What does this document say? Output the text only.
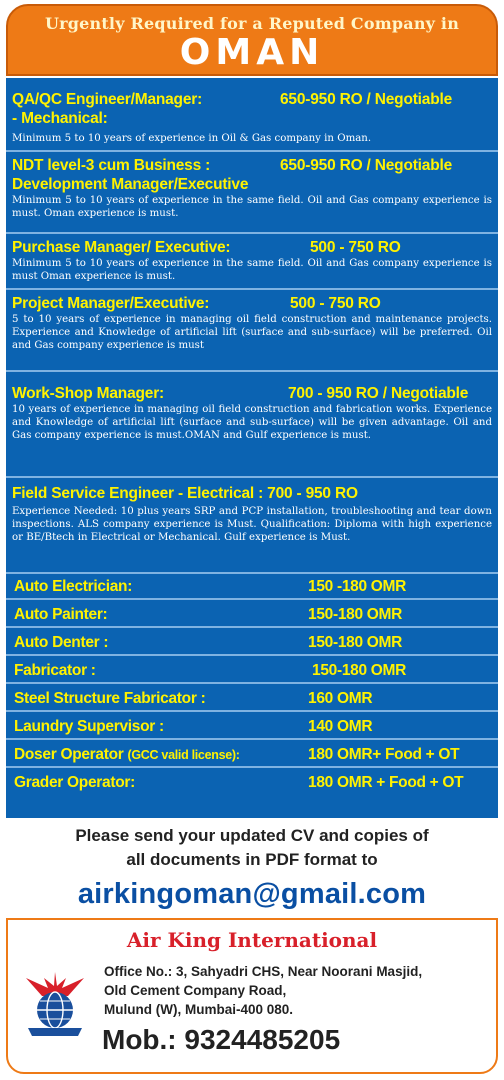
Urgently Required for a Reputed Company in
OMAN
QA/QC Engineer/Manager:	650-950 RO / Negotiable
- Mechanical:
Minimum 5 to 10 years of experience in Oil & Gas company in Oman.
NDT level-3 cum Business :	650-950 RO / Negotiable
Development Manager/Executive
Minimum 5 to 10 years of experience in the same field. Oil and Gas company experience is must. Oman experience is must.
Purchase Manager/ Executive:	500 - 750 RO
Minimum 5 to 10 years of experience in the same field. Oil and Gas company experience is must Oman experience is must.
Project Manager/Executive:	500 - 750 RO
5 to 10 years of experience in managing oil field construction and maintenance projects. Experience and Knowledge of artificial lift (surface and sub-surface) will be preferred. Oil and Gas company experience is must
Work-Shop Manager:	700 - 950 RO / Negotiable
10 years of experience in managing oil field construction and fabrication works. Experience and Knowledge of artificial lift (surface and sub-surface) will be given advantage. Oil and Gas company experience is must.OMAN and Gulf experience is must.
Field Service Engineer - Electrical : 700 - 950 RO
Experience Needed: 10 plus years SRP and PCP installation, troubleshooting and tear down inspections. ALS company experience is Must. Qualification: Diploma with high experience or BE/Btech in Electrical or Mechanical. Gulf experience is Must.
Auto Electrician:	150 -180 OMR
Auto Painter:	150-180 OMR
Auto Denter :	150-180 OMR
Fabricator :	150-180 OMR
Steel Structure Fabricator :	160 OMR
Laundry Supervisor :	140 OMR
Doser Operator (GCC valid license):	180 OMR+ Food + OT
Grader Operator:	180 OMR + Food + OT
Please send your updated CV and copies of
all documents in PDF format to
airkingoman@gmail.com
Air King International
Office No.: 3, Sahyadri CHS, Near Noorani Masjid,
Old Cement Company Road,
Mulund (W), Mumbai-400 080.
Mob.: 9324485205
